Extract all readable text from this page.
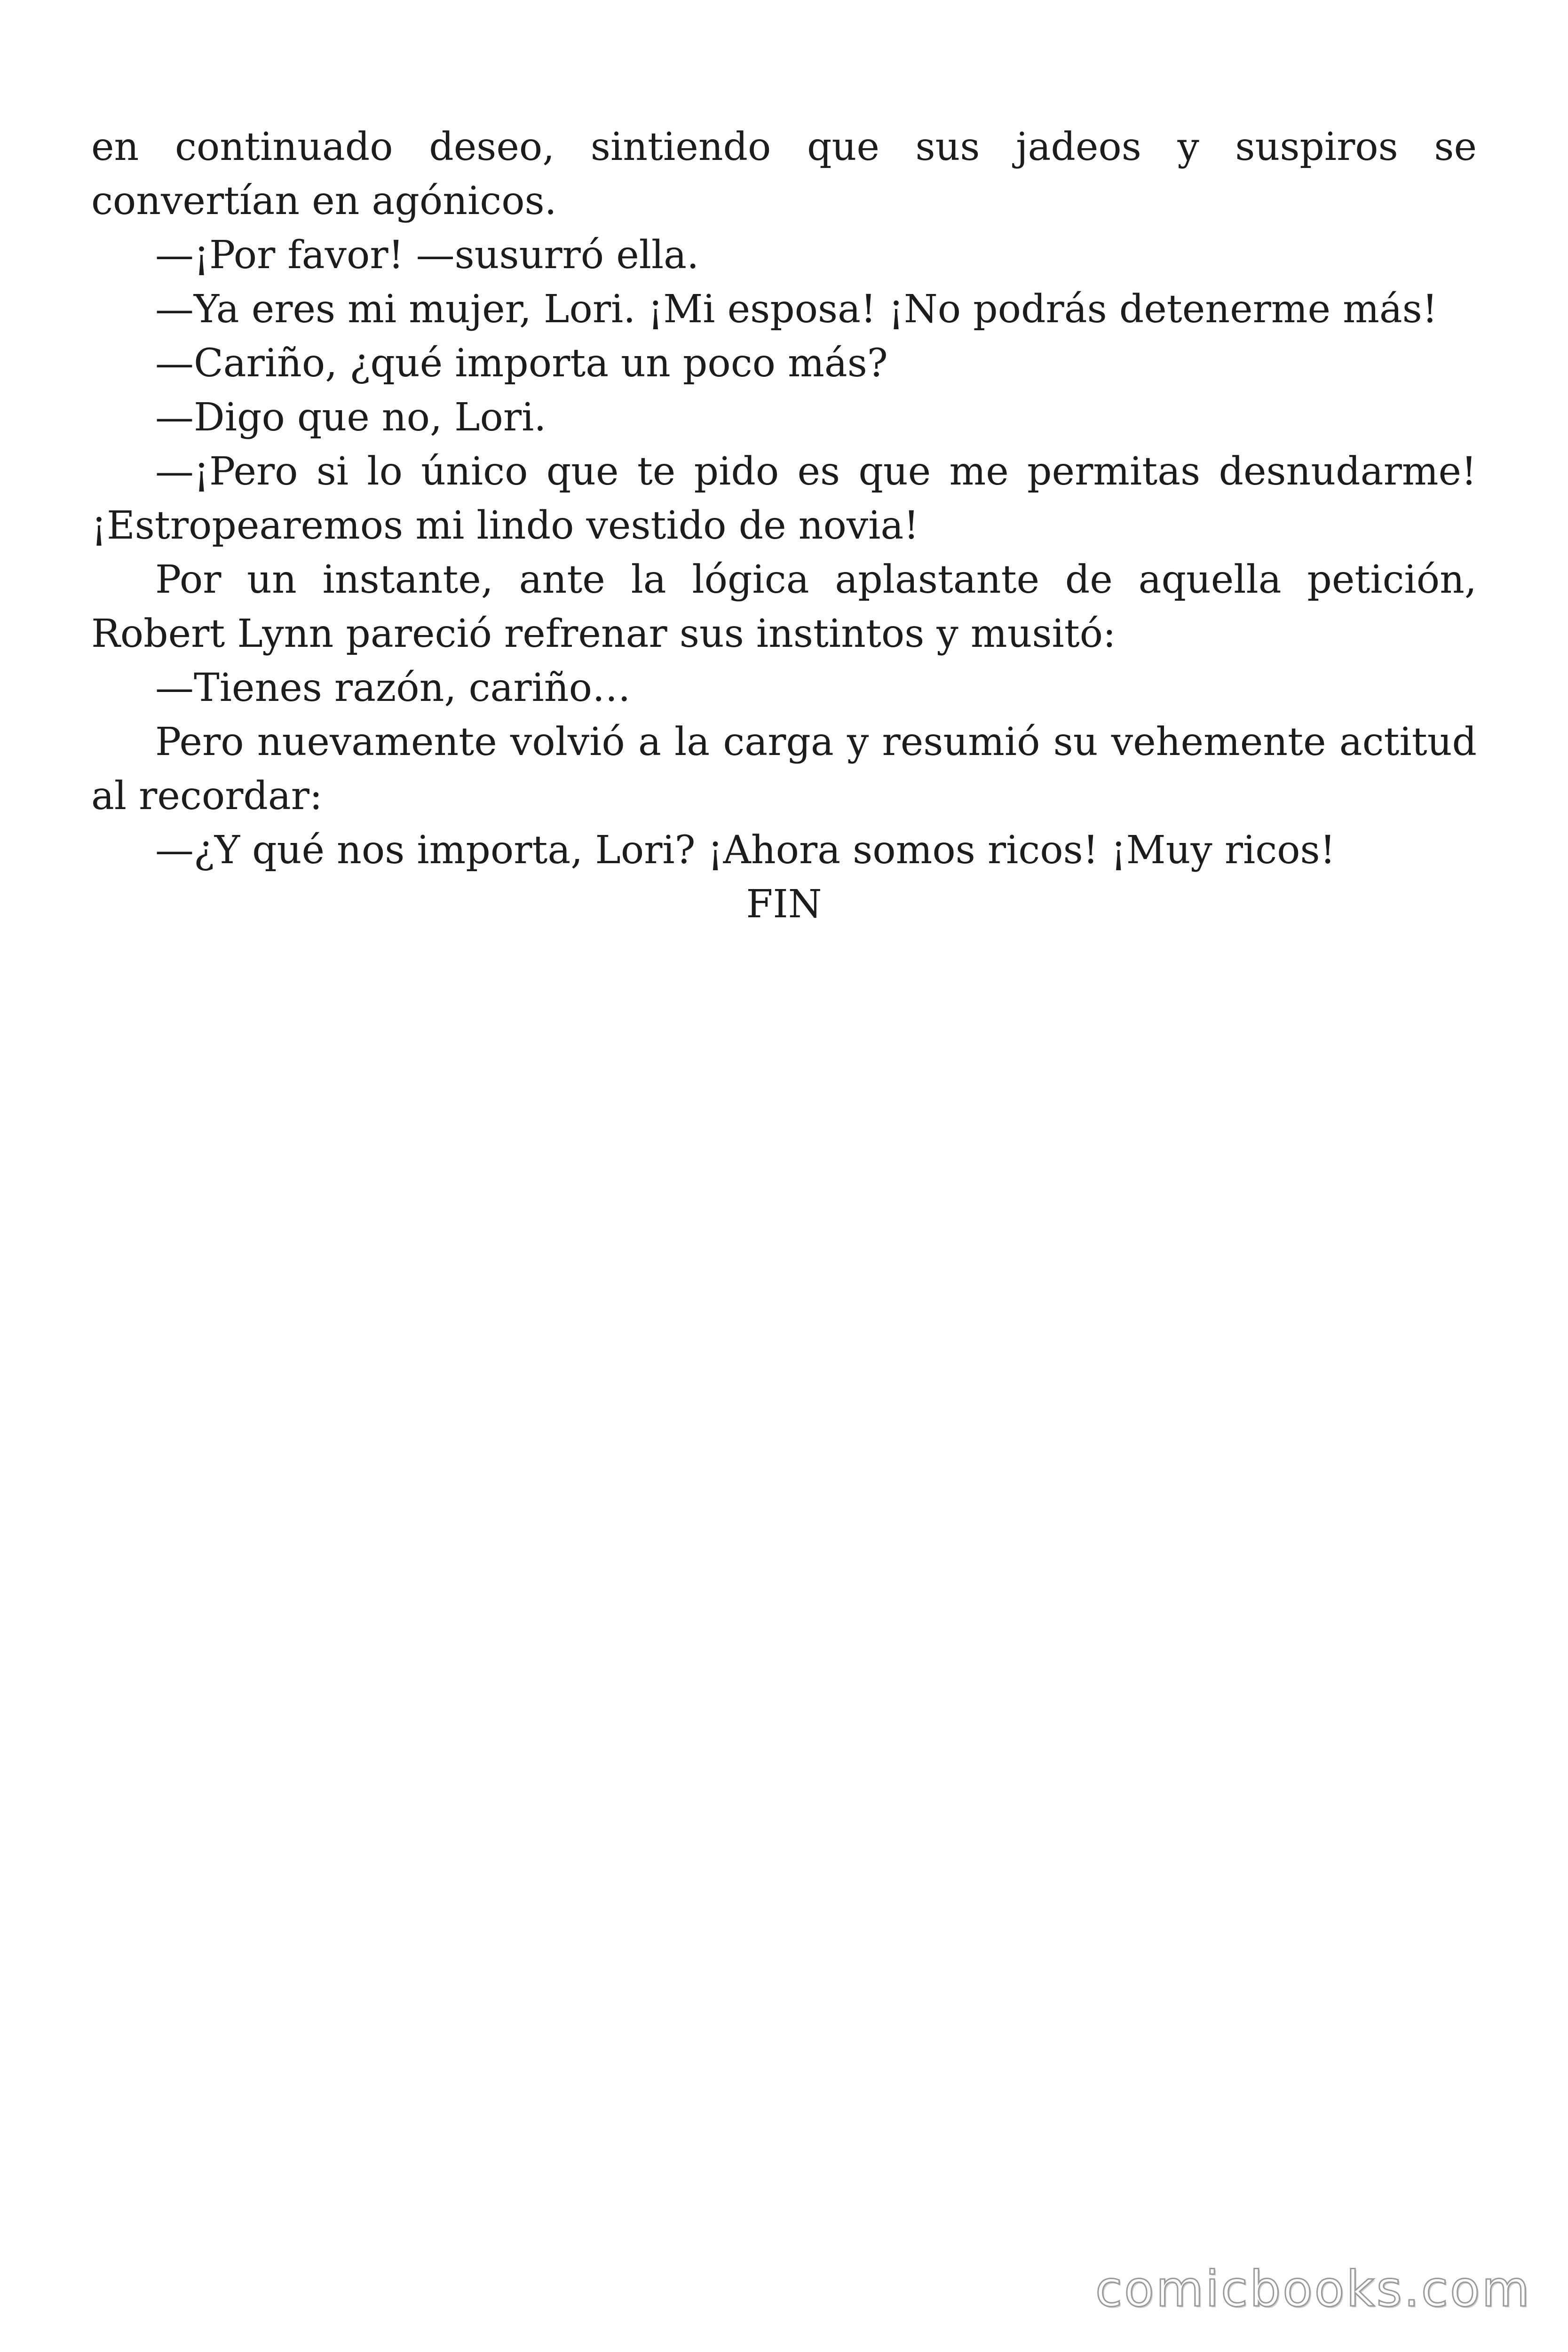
en continuado deseo, sintiendo que sus jadeos y suspiros se convertían en agónicos.

—¡Por favor! —susurró ella.

—Ya eres mi mujer, Lori. ¡Mi esposa! ¡No podrás detenerme más!

—Cariño, ¿qué importa un poco más?

—Digo que no, Lori.

—¡Pero si lo único que te pido es que me permitas desnudarme! ¡Estropearemos mi lindo vestido de novia!

Por un instante, ante la lógica aplastante de aquella petición, Robert Lynn pareció refrenar sus instintos y musitó:

—Tienes razón, cariño…

Pero nuevamente volvió a la carga y resumió su vehemente actitud al recordar:

—¿Y qué nos importa, Lori? ¡Ahora somos ricos! ¡Muy ricos!

FIN

comicbooks.com
